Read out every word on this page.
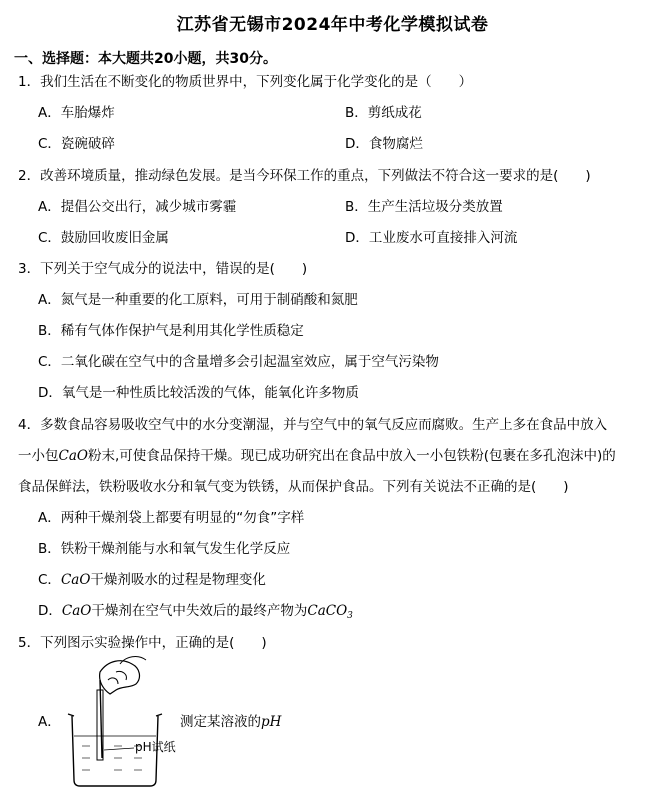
江苏省无锡市2024年中考化学模拟试卷
一、选择题：本大题共20小题，共30分。
1．我们生活在不断变化的物质世界中，下列变化属于化学变化的是（　　）
A．车胎爆炸	B．剪纸成花
C．瓷碗破碎	D．食物腐烂
2．改善环境质量，推动绿色发展。是当今环保工作的重点，下列做法不符合这一要求的是(　　)
A．提倡公交出行，减少城市雾霾	B．生产生活垃圾分类放置
C．鼓励回收废旧金属	D．工业废水可直接排入河流
3．下列关于空气成分的说法中，错误的是(　　)
A．氮气是一种重要的化工原料，可用于制硝酸和氮肥
B．稀有气体作保护气是利用其化学性质稳定
C．二氧化碳在空气中的含量增多会引起温室效应，属于空气污染物
D．氧气是一种性质比较活泼的气体，能氧化许多物质
4．多数食品容易吸收空气中的水分变潮湿，并与空气中的氧气反应而腐败。生产上多在食品中放入
一小包CaO粉末,可使食品保持干燥。现已成功研究出在食品中放入一小包铁粉(包裹在多孔泡沫中)的
食品保鲜法，铁粉吸收水分和氧气变为铁锈，从而保护食品。下列有关说法不正确的是(　　)
A．两种干燥剂袋上都要有明显的“勿食”字样
B．铁粉干燥剂能与水和氧气发生化学反应
C．CaO干燥剂吸水的过程是物理变化
D．CaO干燥剂在空气中失效后的最终产物为CaCO$_3$
5．下列图示实验操作中，正确的是(　　)
A．
pH试纸
测定某溶液的pH
